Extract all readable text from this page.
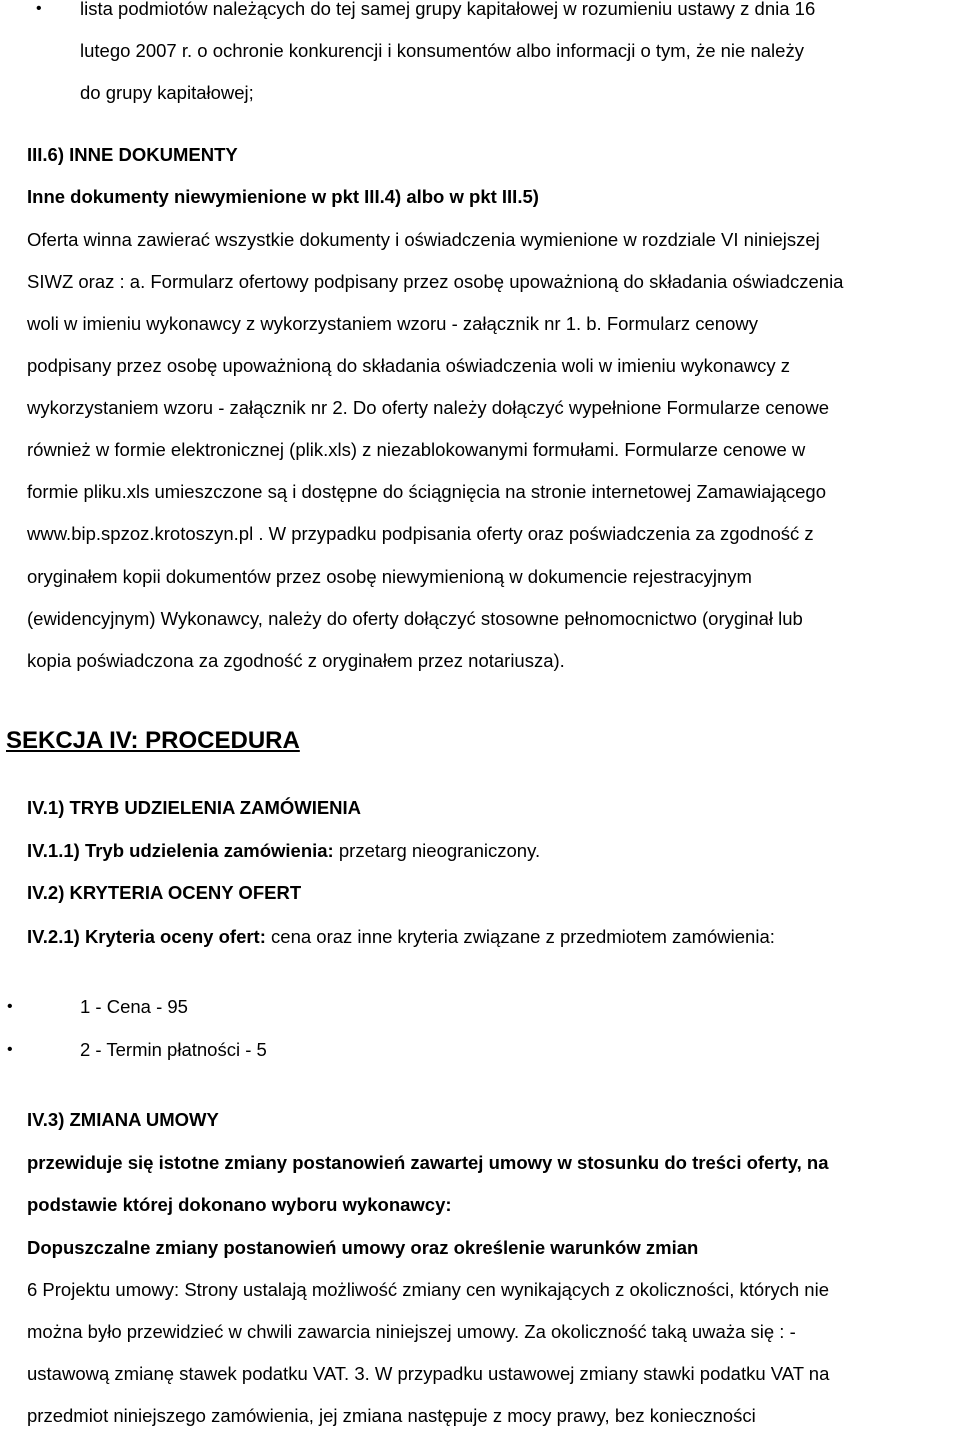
• lista podmiotów należących do tej samej grupy kapitałowej w rozumieniu ustawy z dnia 16
lutego 2007 r. o ochronie konkurencji i konsumentów albo informacji o tym, że nie należy
do grupy kapitałowej;
III.6) INNE DOKUMENTY
Inne dokumenty niewymienione w pkt III.4) albo w pkt III.5)
Oferta winna zawierać wszystkie dokumenty i oświadczenia wymienione w rozdziale VI niniejszej
SIWZ oraz : a. Formularz ofertowy podpisany przez osobę upoważnioną do składania oświadczenia
woli w imieniu wykonawcy z wykorzystaniem wzoru - załącznik nr 1. b. Formularz cenowy
podpisany przez osobę upoważnioną do składania oświadczenia woli w imieniu wykonawcy z
wykorzystaniem wzoru - załącznik nr 2. Do oferty należy dołączyć wypełnione Formularze cenowe
również w formie elektronicznej (plik.xls) z niezablokowanymi formułami. Formularze cenowe w
formie pliku.xls umieszczone są i dostępne do ściągnięcia na stronie internetowej Zamawiającego
www.bip.spzoz.krotoszyn.pl . W przypadku podpisania oferty oraz poświadczenia za zgodność z
oryginałem kopii dokumentów przez osobę niewymienioną w dokumencie rejestracyjnym
(ewidencyjnym) Wykonawcy, należy do oferty dołączyć stosowne pełnomocnictwo (oryginał lub
kopia poświadczona za zgodność z oryginałem przez notariusza).
SEKCJA IV: PROCEDURA
IV.1) TRYB UDZIELENIA ZAMÓWIENIA
IV.1.1) Tryb udzielenia zamówienia: przetarg nieograniczony.
IV.2) KRYTERIA OCENY OFERT
IV.2.1) Kryteria oceny ofert: cena oraz inne kryteria związane z przedmiotem zamówienia:
•	1 - Cena - 95
•	2 - Termin płatności - 5
IV.3) ZMIANA UMOWY
przewiduje się istotne zmiany postanowień zawartej umowy w stosunku do treści oferty, na
podstawie której dokonano wyboru wykonawcy:
Dopuszczalne zmiany postanowień umowy oraz określenie warunków zmian
6 Projektu umowy: Strony ustalają możliwość zmiany cen wynikających z okoliczności, których nie
można było przewidzieć w chwili zawarcia niniejszej umowy. Za okoliczność taką uważa się : -
ustawową zmianę stawek podatku VAT. 3. W przypadku ustawowej zmiany stawki podatku VAT na
przedmiot niniejszego zamówienia, jej zmiana następuje z mocy prawy, bez konieczności
